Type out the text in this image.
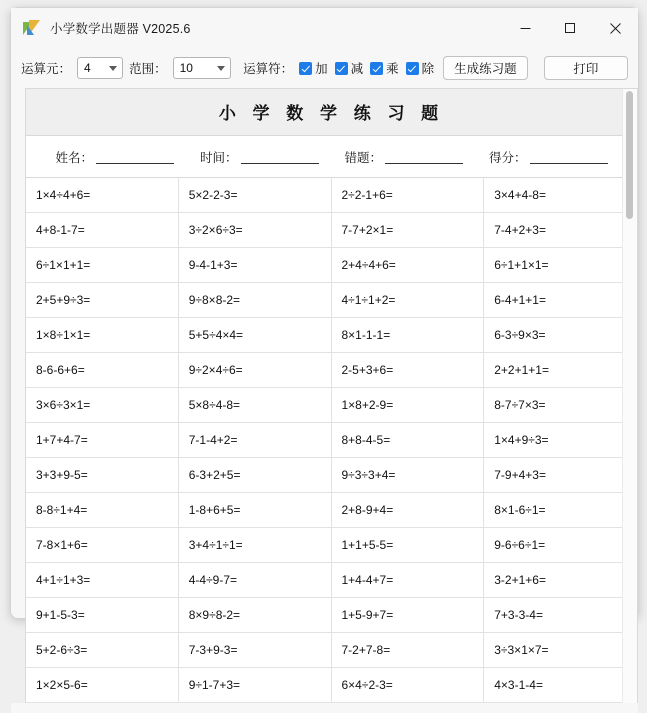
小学数学出题器 V2025.6
运算元： 4	范围： 10	运算符： 加 减 乘 除	生成练习题	打印
小 学 数 学 练 习 题
姓名：	时间：	错题：	得分：
1×4÷4+6=	5×2-2-3=	2÷2-1+6=	3×4+4-8=
4+8-1-7=	3÷2×6÷3=	7-7+2×1=	7-4+2+3=
6÷1×1+1=	9-4-1+3=	2+4÷4+6=	6÷1+1×1=
2+5+9÷3=	9÷8×8-2=	4÷1÷1+2=	6-4+1+1=
1×8÷1×1=	5+5÷4×4=	8×1-1-1=	6-3÷9×3=
8-6-6+6=	9÷2×4÷6=	2-5+3+6=	2+2+1+1=
3×6÷3×1=	5×8÷4-8=	1×8+2-9=	8-7÷7×3=
1+7+4-7=	7-1-4+2=	8+8-4-5=	1×4+9÷3=
3+3+9-5=	6-3+2+5=	9÷3÷3+4=	7-9+4+3=
8-8÷1+4=	1-8+6+5=	2+8-9+4=	8×1-6÷1=
7-8×1+6=	3+4÷1÷1=	1+1+5-5=	9-6÷6÷1=
4+1÷1+3=	4-4÷9-7=	1+4-4+7=	3-2+1+6=
9+1-5-3=	8×9÷8-2=	1+5-9+7=	7+3-3-4=
5+2-6÷3=	7-3+9-3=	7-2+7-8=	3÷3×1×7=
1×2×5-6=	9÷1-7+3=	6×4÷2-3=	4×3-1-4=
